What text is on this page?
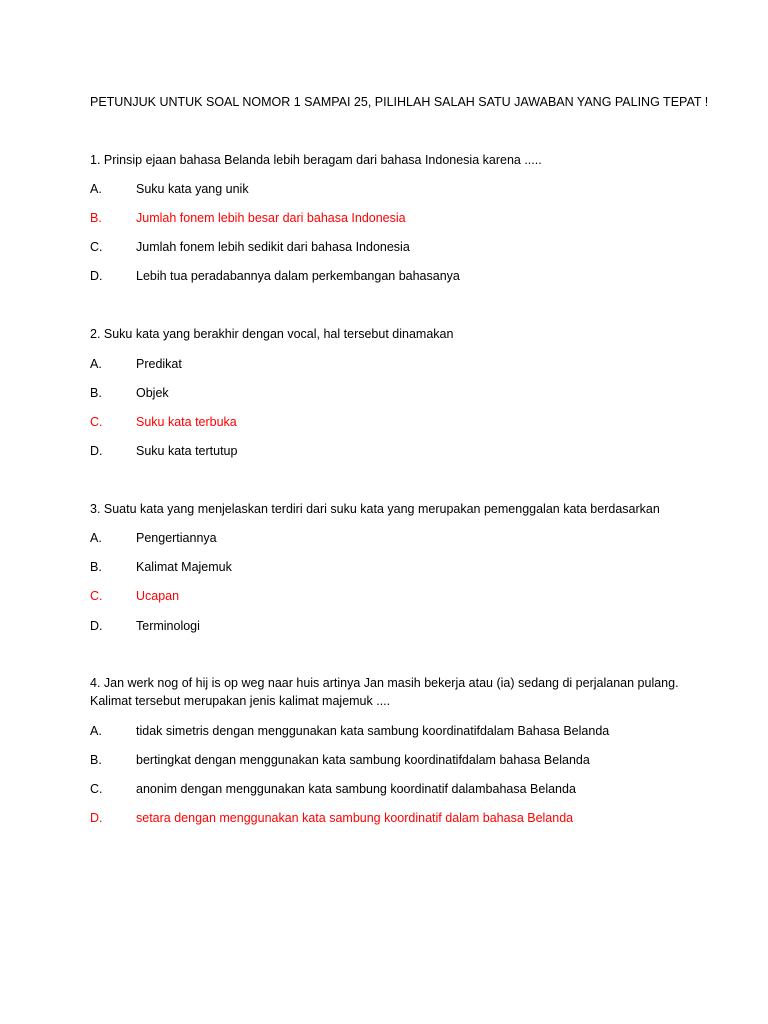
PETUNJUK UNTUK SOAL NOMOR 1 SAMPAI 25, PILIHLAH SALAH SATU JAWABAN YANG PALING TEPAT !
1. Prinsip ejaan bahasa Belanda lebih beragam dari bahasa Indonesia karena .....
A.	Suku kata yang unik
B.	Jumlah fonem lebih besar dari bahasa Indonesia
C.	Jumlah fonem lebih sedikit dari bahasa Indonesia
D.	Lebih tua peradabannya dalam perkembangan bahasanya
2. Suku kata yang berakhir dengan vocal, hal tersebut dinamakan
A.	Predikat
B.	Objek
C.	Suku kata terbuka
D.	Suku kata tertutup
3. Suatu kata yang menjelaskan terdiri dari suku kata yang merupakan pemenggalan kata berdasarkan
A.	Pengertiannya
B.	Kalimat Majemuk
C.	Ucapan
D.	Terminologi
4. Jan werk nog of hij is op weg naar huis artinya Jan masih bekerja atau (ia) sedang di perjalanan pulang. Kalimat tersebut merupakan jenis kalimat majemuk ....
A.	tidak simetris dengan menggunakan kata sambung koordinatifdalam Bahasa Belanda
B.	bertingkat dengan menggunakan kata sambung koordinatifdalam bahasa Belanda
C.	anonim dengan menggunakan kata sambung koordinatif dalambahasa Belanda
D.	setara dengan menggunakan kata sambung koordinatif dalam bahasa Belanda
